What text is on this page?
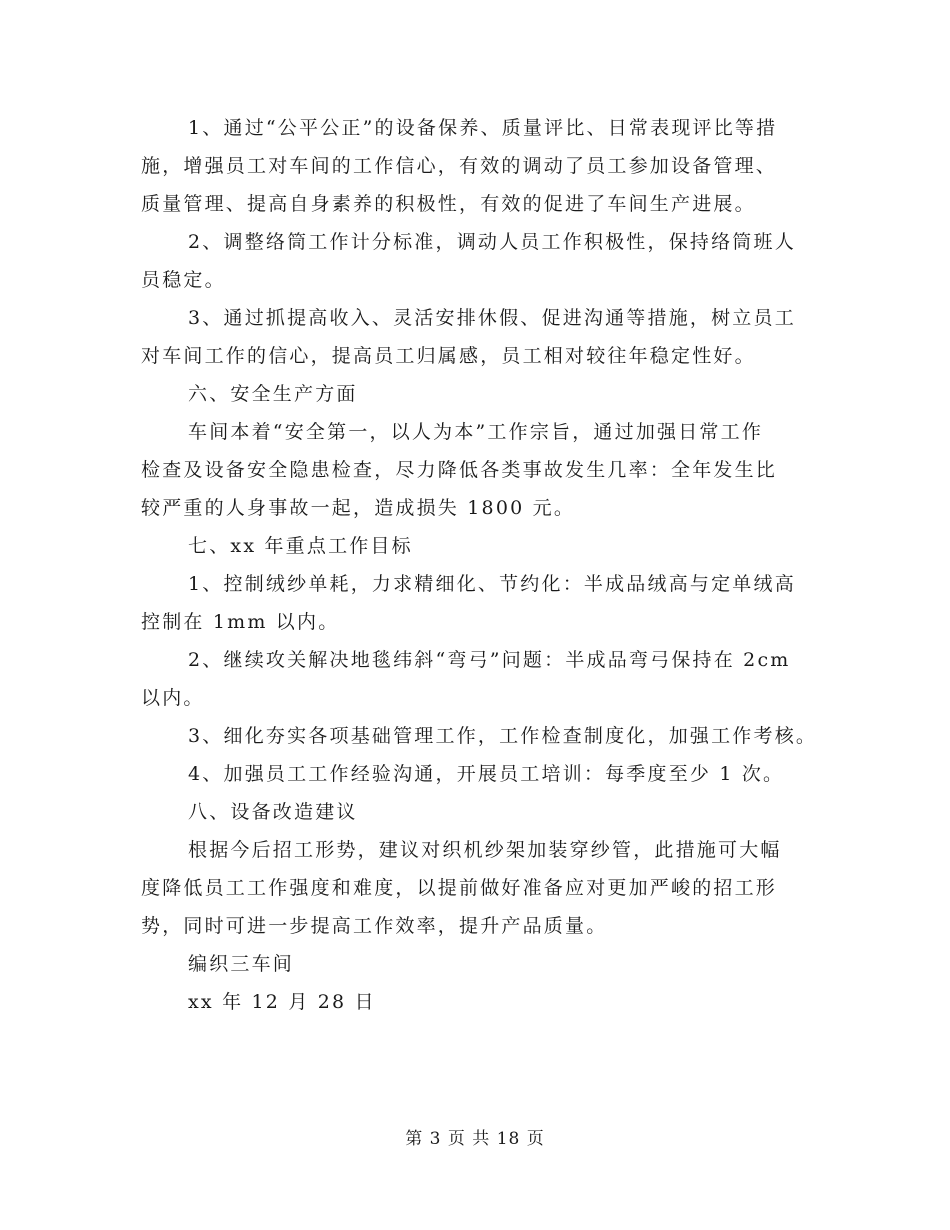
1、通过“公平公正”的设备保养、质量评比、日常表现评比等措
施，增强员工对车间的工作信心，有效的调动了员工参加设备管理、
质量管理、提高自身素养的积极性，有效的促进了车间生产进展。
2、调整络筒工作计分标准，调动人员工作积极性，保持络筒班人
员稳定。
3、通过抓提高收入、灵活安排休假、促进沟通等措施，树立员工
对车间工作的信心，提高员工归属感，员工相对较往年稳定性好。
六、安全生产方面
车间本着“安全第一，以人为本”工作宗旨，通过加强日常工作
检查及设备安全隐患检查，尽力降低各类事故发生几率：全年发生比
较严重的人身事故一起，造成损失 1800 元。
七、xx 年重点工作目标
1、控制绒纱单耗，力求精细化、节约化：半成品绒高与定单绒高
控制在 1mm 以内。
2、继续攻关解决地毯纬斜“弯弓”问题：半成品弯弓保持在 2cm
以内。
3、细化夯实各项基础管理工作，工作检查制度化，加强工作考核。
4、加强员工工作经验沟通，开展员工培训：每季度至少 1 次。
八、设备改造建议
根据今后招工形势，建议对织机纱架加装穿纱管，此措施可大幅
度降低员工工作强度和难度，以提前做好准备应对更加严峻的招工形
势，同时可进一步提高工作效率，提升产品质量。
编织三车间
xx 年 12 月 28 日
第 3 页 共 18 页
